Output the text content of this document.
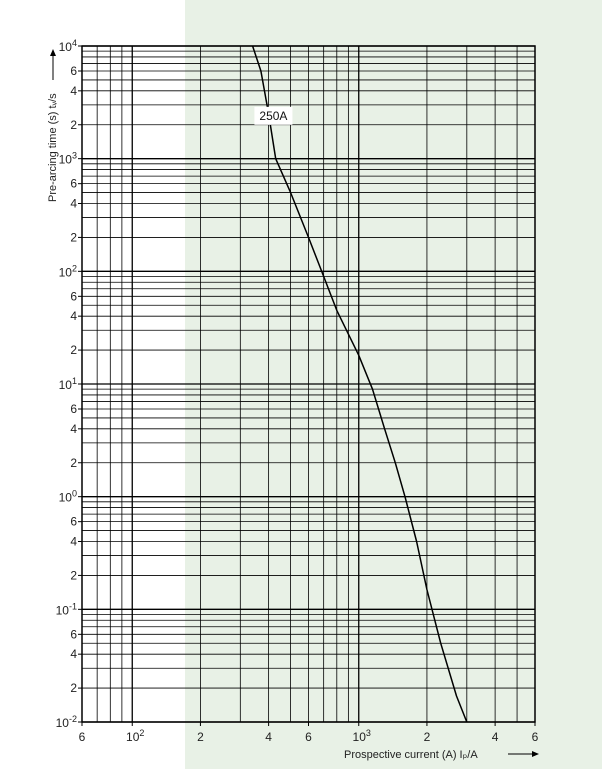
6	$10^2$	2	4	6	$10^3$	2	4	6
$10^4$
6
4
2
$10^3$
6
4
2
$10^2$
6
4
2
$10^1$
6
4
2
$10^0$
6
4
2
$10^{-1}$
6
4
2
$10^{-2}$
250A
Prospective current (A) Iₚ/A
Pre-arcing time (s) tᵥ/s
